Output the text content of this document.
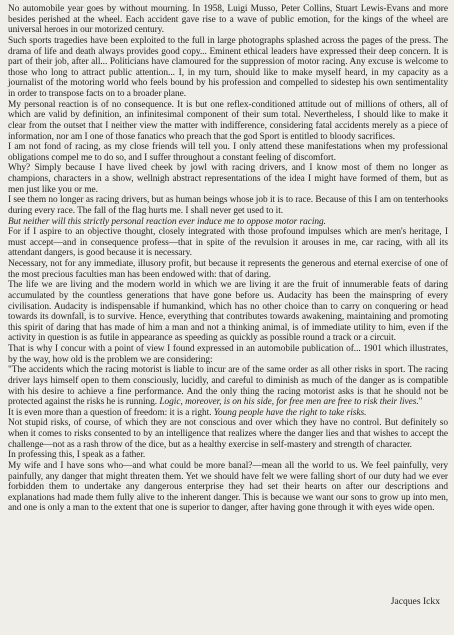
No automobile year goes by without mourning. In 1958, Luigi Musso, Peter Collins, Stuart Lewis-Evans and more besides perished at the wheel. Each accident gave rise to a wave of public emotion, for the kings of the wheel are universal heroes in our motorized century.

Such sports tragedies have been exploited to the full in large photographs splashed across the pages of the press. The drama of life and death always provides good copy... Eminent ethical leaders have expressed their deep concern. It is part of their job, after all... Politicians have clamoured for the suppression of motor racing. Any excuse is welcome to those who long to attract public attention... I, in my turn, should like to make myself heard, in my capacity as a journalist of the motoring world who feels bound by his profession and compelled to sidestep his own sentimentality in order to transpose facts on to a broader plane.

My personal reaction is of no consequence. It is but one reflex-conditioned attitude out of millions of others, all of which are valid by definition, an infinitesimal component of their sum total. Nevertheless, I should like to make it clear from the outset that I neither view the matter with indifference, considering fatal accidents merely as a piece of information, nor am I one of those fanatics who preach that the god Sport is entitled to bloody sacrifices.

I am not fond of racing, as my close friends will tell you. I only attend these manifestations when my professional obligations compel me to do so, and I suffer throughout a constant feeling of discomfort.

Why? Simply because I have lived cheek by jowl with racing drivers, and I know most of them no longer as champions, characters in a show, wellnigh abstract representations of the idea I might have formed of them, but as men just like you or me.

I see them no longer as racing drivers, but as human beings whose job it is to race. Because of this I am on tenterhooks during every race. The fall of the flag hurts me. I shall never get used to it.

But neither will this strictly personal reaction ever induce me to oppose motor racing.

For if I aspire to an objective thought, closely integrated with those profound impulses which are men's heritage, I must accept—and in consequence profess—that in spite of the revulsion it arouses in me, car racing, with all its attendant dangers, is good because it is necessary.

Necessary, not for any immediate, illusory profit, but because it represents the generous and eternal exercise of one of the most precious faculties man has been endowed with: that of daring.

The life we are living and the modern world in which we are living it are the fruit of innumerable feats of daring accumulated by the countless generations that have gone before us. Audacity has been the mainspring of every civilisation. Audacity is indispensable if humankind, which has no other choice than to carry on conquering or head towards its downfall, is to survive. Hence, everything that contributes towards awakening, maintaining and promoting this spirit of daring that has made of him a man and not a thinking animal, is of immediate utility to him, even if the activity in question is as futile in appearance as speeding as quickly as possible round a track or a circuit.

That is why I concur with a point of view I found expressed in an automobile publication of... 1901 which illustrates, by the way, how old is the problem we are considering:

"The accidents which the racing motorist is liable to incur are of the same order as all other risks in sport. The racing driver lays himself open to them consciously, lucidly, and careful to diminish as much of the danger as is compatible with his desire to achieve a fine performance. And the only thing the racing motorist asks is that he should not be protected against the risks he is running. Logic, moreover, is on his side, for free men are free to risk their lives."

It is even more than a question of freedom: it is a right. Young people have the right to take risks.

Not stupid risks, of course, of which they are not conscious and over which they have no control. But definitely so when it comes to risks consented to by an intelligence that realizes where the danger lies and that wishes to accept the challenge—not as a rash throw of the dice, but as a healthy exercise in self-mastery and strength of character.

In professing this, I speak as a father.

My wife and I have sons who—and what could be more banal?—mean all the world to us. We feel painfully, very painfully, any danger that might threaten them. Yet we should have felt we were falling short of our duty had we ever forbidden them to undertake any dangerous enterprise they had set their hearts on after our descriptions and explanations had made them fully alive to the inherent danger. This is because we want our sons to grow up into men, and one is only a man to the extent that one is superior to danger, after having gone through it with eyes wide open.

Jacques Ickx
